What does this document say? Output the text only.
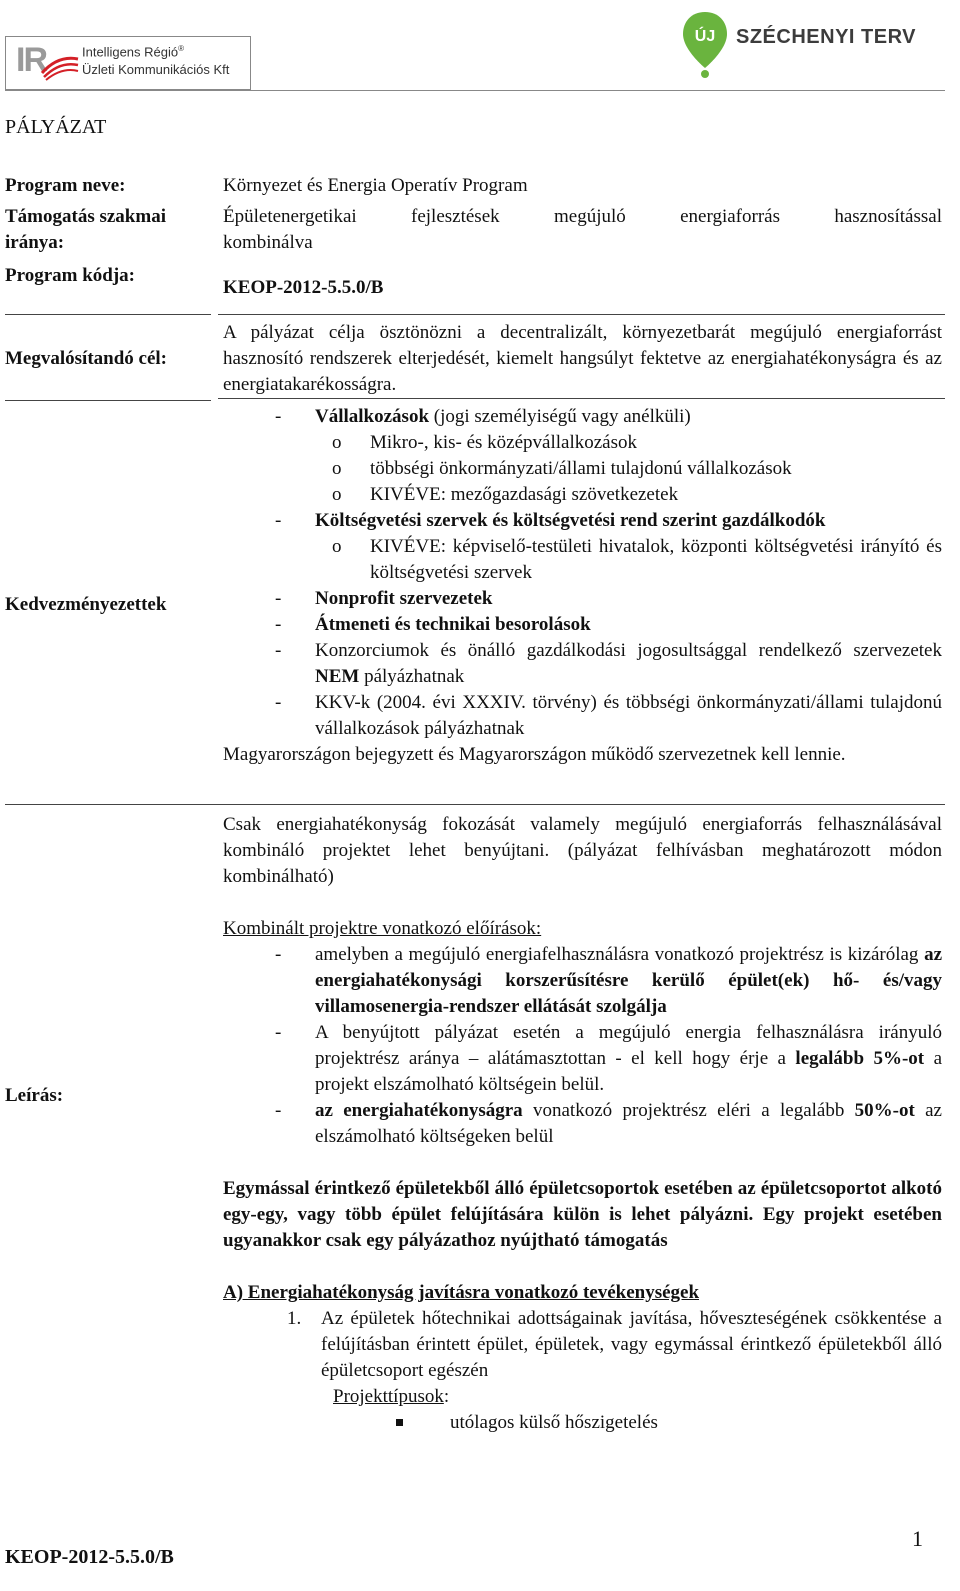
IR	Intelligens Régió®
Üzleti Kommunikációs Kft
ÚJ SZÉCHENYI TERV
PÁLYÁZAT
Program neve:	Környezet és Energia Operatív Program
Támogatás szakmai iránya:
Épületenergetikai fejlesztések megújuló energiaforrás hasznosítással
kombinálva
Program kódja:
KEOP-2012-5.5.0/B
Megvalósítandó cél:
A pályázat célja ösztönözni a decentralizált, környezetbarát megújuló energiaforrást hasznosító rendszerek elterjedését, kiemelt hangsúlyt fektetve az energiahatékonyságra és az energiatakarékosságra.
Kedvezményezettek
- Vállalkozások (jogi személyiségű vagy anélküli)
o Mikro-, kis- és középvállalkozások
o többségi önkormányzati/állami tulajdonú vállalkozások
o KIVÉVE: mezőgazdasági szövetkezetek
- Költségvetési szervek és költségvetési rend szerint gazdálkodók
o KIVÉVE: képviselő-testületi hivatalok, központi költségvetési irányító és költségvetési szervek
- Nonprofit szervezetek
- Átmeneti és technikai besorolások
- Konzorciumok és önálló gazdálkodási jogosultsággal rendelkező szervezetek NEM pályázhatnak
- KKV-k (2004. évi XXXIV. törvény) és többségi önkormányzati/állami tulajdonú vállalkozások pályázhatnak
Magyarországon bejegyzett és Magyarországon működő szervezetnek kell lennie.
Leírás:
Csak energiahatékonyság fokozását valamely megújuló energiaforrás felhasználásával kombináló projektet lehet benyújtani. (pályázat felhívásban meghatározott módon kombinálható)
Kombinált projektre vonatkozó előírások:
- amelyben a megújuló energiafelhasználásra vonatkozó projektrész is kizárólag az energiahatékonysági korszerűsítésre kerülő épület(ek) hő- és/vagy villamosenergia-rendszer ellátását szolgálja
- A benyújtott pályázat esetén a megújuló energia felhasználásra irányuló projektrész aránya – alátámasztottan - el kell hogy érje a legalább 5%-ot a projekt elszámolható költségein belül.
- az energiahatékonyságra vonatkozó projektrész eléri a legalább 50%-ot az elszámolható költségeken belül
Egymással érintkező épületekből álló épületcsoportok esetében az épületcsoportot alkotó egy-egy, vagy több épület felújítására külön is lehet pályázni. Egy projekt esetében ugyanakkor csak egy pályázathoz nyújtható támogatás
A) Energiahatékonyság javításra vonatkozó tevékenységek
1. Az épületek hőtechnikai adottságainak javítása, hőveszteségének csökkentése a felújításban érintett épület, épületek, vagy egymással érintkező épületekből álló épületcsoport egészén
Projekttípusok:
utólagos külső hőszigetelés
KEOP-2012-5.5.0/B
1
